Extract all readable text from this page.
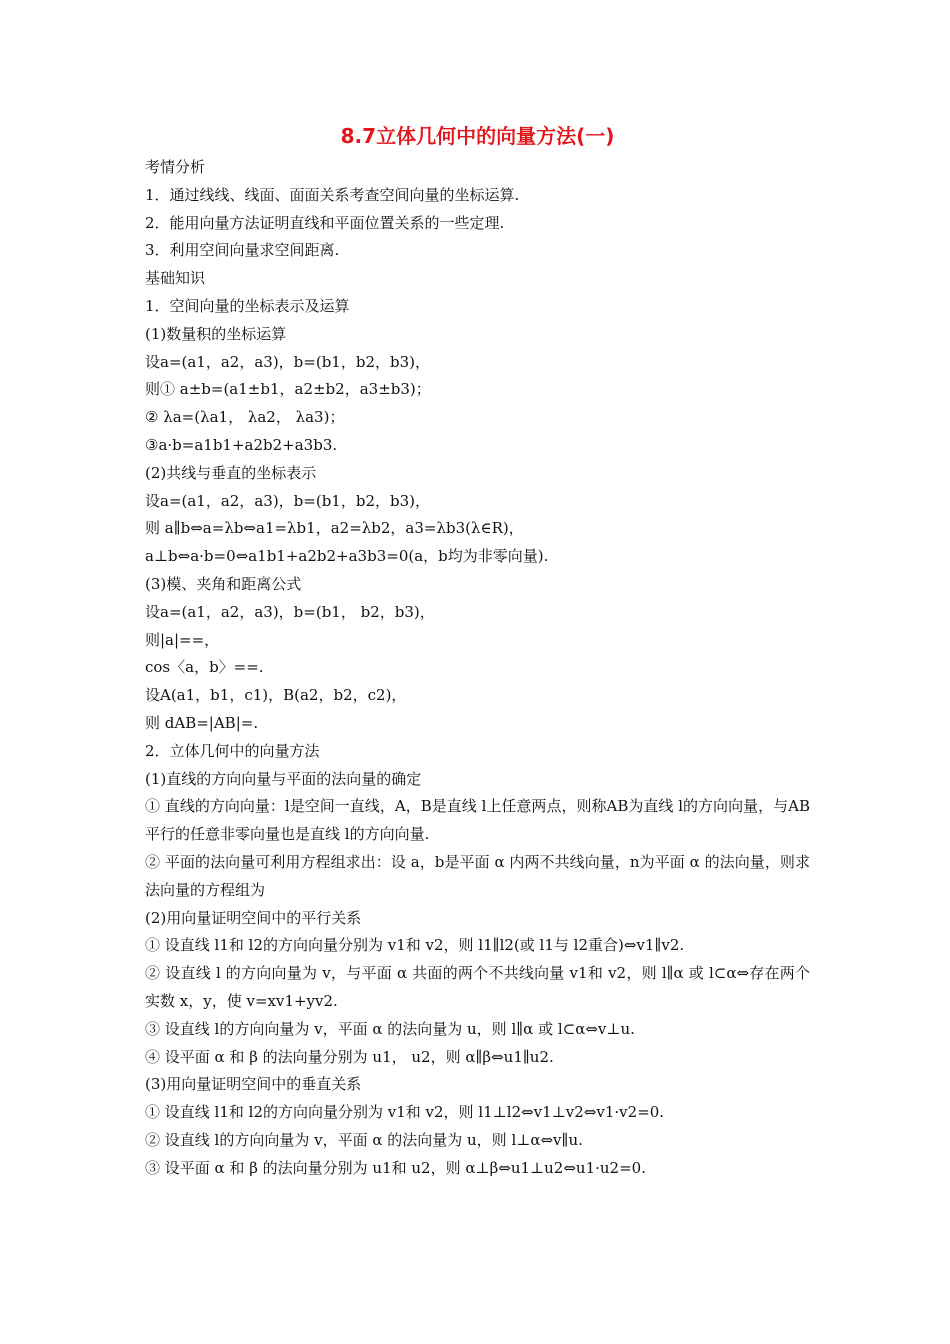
8.7立体几何中的向量方法(一)
考情分析
1．通过线线、线面、面面关系考查空间向量的坐标运算.
2．能用向量方法证明直线和平面位置关系的一些定理.
3．利用空间向量求空间距离.
基础知识
1．空间向量的坐标表示及运算
(1)数量积的坐标运算
设a=(a1，a2，a3)，b=(b1，b2，b3)，
则① a±b=(a1±b1，a2±b2，a3±b3)；
② λa=(λa1， λa2， λa3)；
③a·b=a1b1+a2b2+a3b3.
(2)共线与垂直的坐标表示
设a=(a1，a2，a3)，b=(b1，b2，b3)，
则 a∥b⇔a=λb⇔a1=λb1，a2=λb2，a3=λb3(λ∈R)，
a⊥b⇔a·b=0⇔a1b1+a2b2+a3b3=0(a，b均为非零向量).
(3)模、夹角和距离公式
设a=(a1，a2，a3)，b=(b1， b2，b3)，
则|a|==，
cos〈a，b〉==.
设A(a1，b1，c1)，B(a2，b2，c2)，
则 dAB=|AB|=.
2．立体几何中的向量方法
(1)直线的方向向量与平面的法向量的确定
① 直线的方向向量：l是空间一直线，A，B是直线 l上任意两点，则称AB为直线 l的方向向量，与AB平行的任意非零向量也是直线 l的方向向量.
② 平面的法向量可利用方程组求出：设 a，b是平面 α 内两不共线向量，n为平面 α 的法向量，则求法向量的方程组为
(2)用向量证明空间中的平行关系
① 设直线 l1和 l2的方向向量分别为 v1和 v2，则 l1∥l2(或 l1与 l2重合)⇔v1∥v2.
② 设直线 l 的方向向量为 v，与平面 α 共面的两个不共线向量 v1和 v2，则 l∥α 或 l⊂α⇔存在两个实数 x，y，使 v=xv1+yv2.
③ 设直线 l的方向向量为 v，平面 α 的法向量为 u，则 l∥α 或 l⊂α⇔v⊥u.
④ 设平面 α 和 β 的法向量分别为 u1， u2，则 α∥β⇔u1∥u2.
(3)用向量证明空间中的垂直关系
① 设直线 l1和 l2的方向向量分别为 v1和 v2，则 l1⊥l2⇔v1⊥v2⇔v1·v2=0.
② 设直线 l的方向向量为 v，平面 α 的法向量为 u，则 l⊥α⇔v∥u.
③ 设平面 α 和 β 的法向量分别为 u1和 u2，则 α⊥β⇔u1⊥u2⇔u1·u2=0.
